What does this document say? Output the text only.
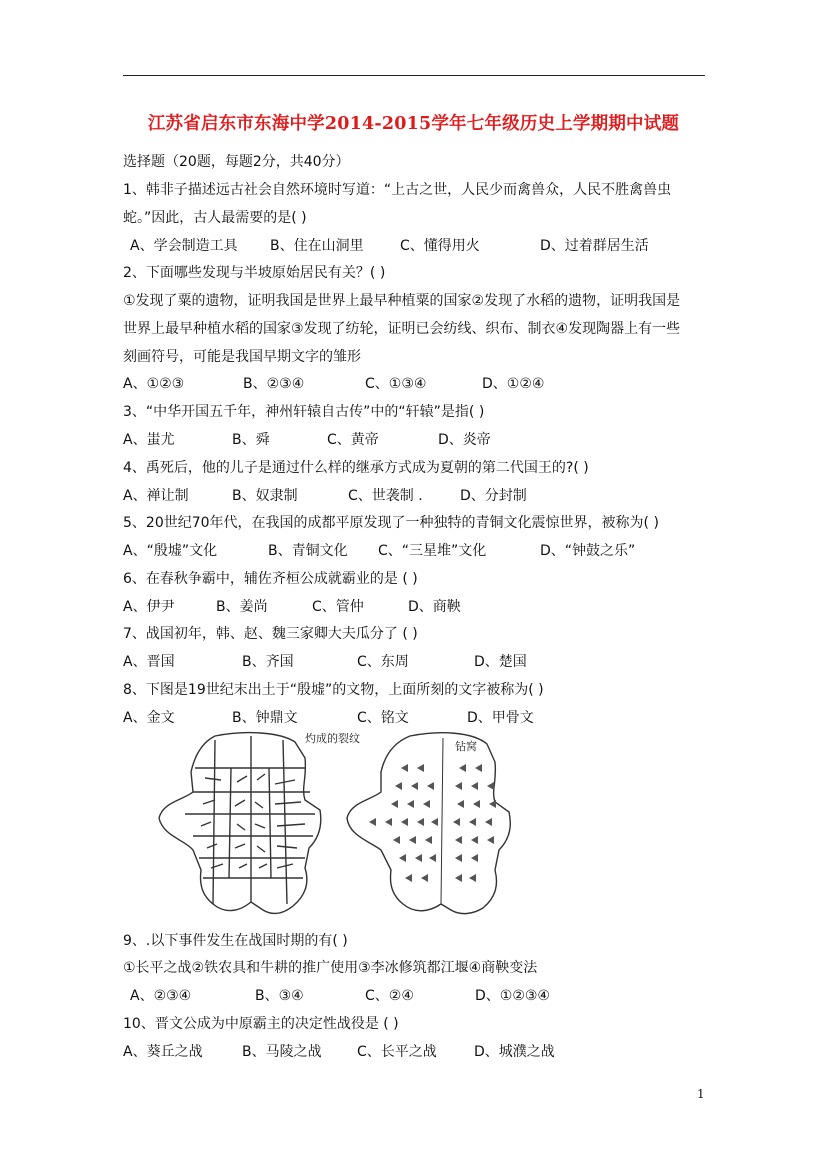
江苏省启东市东海中学2014-2015学年七年级历史上学期期中试题
选择题（20题，每题2分，共40分）
1、韩非子描述远古社会自然环境时写道：“上古之世，人民少而禽兽众，人民不胜禽兽虫
蛇。”因此，古人最需要的是( )
A、学会制造工具 B、住在山洞里	C、懂得用火	D、过着群居生活
2、下面哪些发现与半坡原始居民有关？( )
①发现了粟的遗物，证明我国是世界上最早种植粟的国家②发现了水稻的遗物，证明我国是
世界上最早种植水稻的国家③发现了纺轮，证明已会纺线、织布、制衣④发现陶器上有一些
刻画符号，可能是我国早期文字的雏形
A、①②③	B、②③④	C、①③④	D、①②④
3、“中华开国五千年，神州轩辕自古传”中的“轩辕”是指( )
A、蚩尤	B、舜	C、黄帝	D、炎帝
4、禹死后，他的儿子是通过什么样的继承方式成为夏朝的第二代国王的?( )
A、禅让制	B、奴隶制	C、世袭制 .	D、分封制
5、20世纪70年代，在我国的成都平原发现了一种独特的青铜文化震惊世界，被称为( )
A、“殷墟”文化	B、青铜文化 C、“三星堆”文化	D、“钟鼓之乐”
6、在春秋争霸中，辅佐齐桓公成就霸业的是 ( )
A、伊尹	B、姜尚	C、管仲	D、商鞅
7、战国初年，韩、赵、魏三家卿大夫瓜分了 ( )
A、晋国	B、齐国	C、东周	D、楚国
8、下图是19世纪末出土于“殷墟”的文物，上面所刻的文字被称为( )
A、金文	B、钟鼎文	C、铭文	D、甲骨文
灼成的裂纹
钻窝
9、.以下事件发生在战国时期的有( )
①长平之战②铁农具和牛耕的推广使用③李冰修筑都江堰④商鞅变法
A、②③④	B、③④	C、②④	D、①②③④
10、晋文公成为中原霸主的决定性战役是 ( )
A、葵丘之战	B、马陵之战	C、长平之战	D、城濮之战
1
